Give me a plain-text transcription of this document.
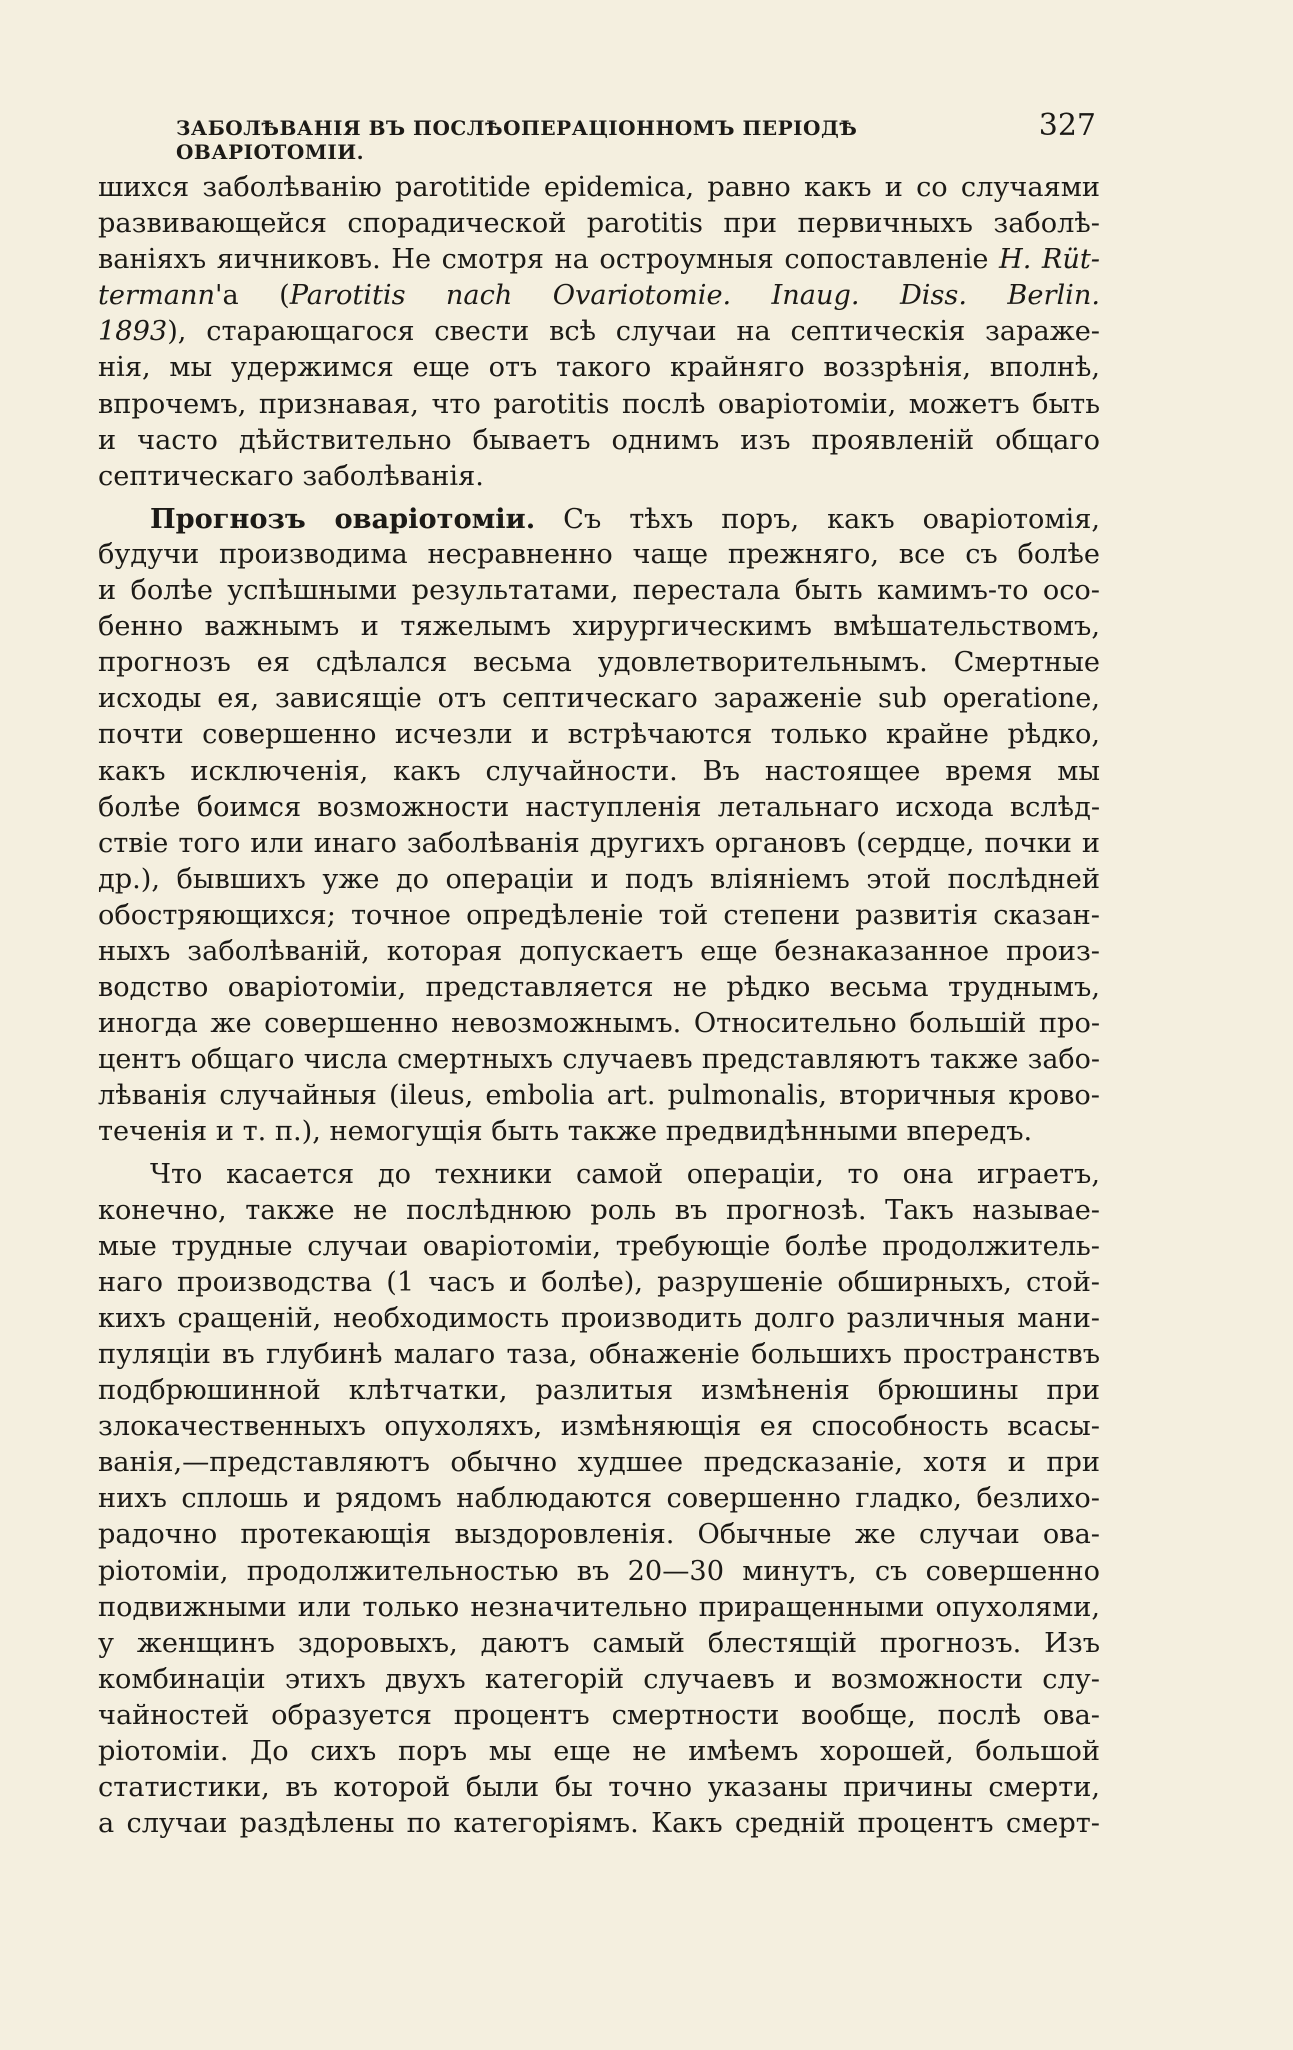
ЗАБОЛѢВАНІЯ ВЪ ПОСЛѢОПЕРАЦІОННОМЪ ПЕРІОДѢ ОВАРІОТОМІИ.
327
шихся заболѣванію parotitide epidemica, равно какъ и со случаями
развивающейся спорадической parotitis при первичныхъ заболѣ-
ваніяхъ яичниковъ. Не смотря на остроумныя сопоставленіе H. Rüt-
termann'a (Parotitis nach Ovariotomie. Inaug. Diss. Berlin.
1893), старающагося свести всѣ случаи на септическія зараже-
нія, мы удержимся еще отъ такого крайняго воззрѣнія, вполнѣ,
впрочемъ, признавая, что parotitis послѣ оваріотоміи, можетъ быть
и часто дѣйствительно бываетъ однимъ изъ проявленій общаго
септическаго заболѣванія.
Прогнозъ оваріотоміи. Съ тѣхъ поръ, какъ оваріотомія,
будучи производима несравненно чаще прежняго, все съ болѣе
и болѣе успѣшными результатами, перестала быть камимъ-то осо-
бенно важнымъ и тяжелымъ хирургическимъ вмѣшательствомъ,
прогнозъ ея сдѣлался весьма удовлетворительнымъ. Смертные
исходы ея, зависящіе отъ септическаго зараженіе sub operatione,
почти совершенно исчезли и встрѣчаются только крайне рѣдко,
какъ исключенія, какъ случайности. Въ настоящее время мы
болѣе боимся возможности наступленія летальнаго исхода вслѣд-
ствіе того или инаго заболѣванія другихъ органовъ (сердце, почки и
др.), бывшихъ уже до операціи и подъ вліяніемъ этой послѣдней
обостряющихся; точное опредѣленіе той степени развитія сказан-
ныхъ заболѣваній, которая допускаетъ еще безнаказанное произ-
водство оваріотоміи, представляется не рѣдко весьма труднымъ,
иногда же совершенно невозможнымъ. Относительно большій про-
центъ общаго числа смертныхъ случаевъ представляютъ также забо-
лѣванія случайныя (ileus, embolia art. pulmonalis, вторичныя крово-
теченія и т. п.), немогущія быть также предвидѣнными впередъ.
Что касается до техники самой операціи, то она играетъ,
конечно, также не послѣднюю роль въ прогнозѣ. Такъ называе-
мые трудные случаи оваріотоміи, требующіе болѣе продолжитель-
наго производства (1 часъ и болѣе), разрушеніе обширныхъ, стой-
кихъ сращеній, необходимость производить долго различныя мани-
пуляціи въ глубинѣ малаго таза, обнаженіе большихъ пространствъ
подбрюшинной клѣтчатки, разлитыя измѣненія брюшины при
злокачественныхъ опухоляхъ, измѣняющія ея способность всасы-
ванія,—представляютъ обычно худшее предсказаніе, хотя и при
нихъ сплошь и рядомъ наблюдаются совершенно гладко, безлихо-
радочно протекающія выздоровленія. Обычные же случаи ова-
ріотоміи, продолжительностью въ 20—30 минутъ, съ совершенно
подвижными или только незначительно приращенными опухолями,
у женщинъ здоровыхъ, даютъ самый блестящій прогнозъ. Изъ
комбинаціи этихъ двухъ категорій случаевъ и возможности слу-
чайностей образуется процентъ смертности вообще, послѣ ова-
ріотоміи. До сихъ поръ мы еще не имѣемъ хорошей, большой
статистики, въ которой были бы точно указаны причины смерти,
а случаи раздѣлены по категоріямъ. Какъ средній процентъ смерт-
